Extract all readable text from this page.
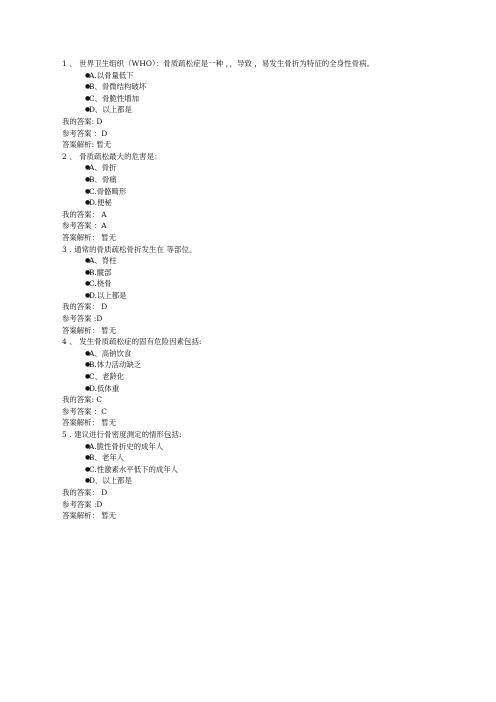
1 、 世界卫生组织（WHO）：骨质疏松症是一种 ，，导致 ，易发生骨折为特征的全身性骨病。
●
A.以骨量低下
●
B、骨微结构破坏
●
C、骨脆性增加
●
D、以上都是
我的答案: D
参考答案 ：D
答案解析: 暂无
2 、 骨质疏松最大的危害是：
●
A、骨折
●
B、骨痛
●
C.骨骼畸形
●
D.便秘
我的答案： A
参考答案 ：A
答案解析： 暂无
3 . 通常的骨质疏松骨折发生在 等部位。
●
A、脊柱
●
B.髋部
●
C.桡骨
●
D.以上都是
我的答案： D
参考答案 :D
答案解析： 暂无
4 、 发生骨质疏松症的固有危险因素包括:
●
A、高钠饮食
●
B.体力活动缺乏
●
C、老龄化
●
D.低体重
我的答案: C
参考答案 ：C
答案解析： 暂无
5 . 建议进行骨密度测定的情形包括:
●
A.脆性骨折史的成年人
●
B、老年人
●
C.性激素水平低下的成年人
●
D、以上都是
我的答案： D
参考答案 :D
答案解析： 暂无
